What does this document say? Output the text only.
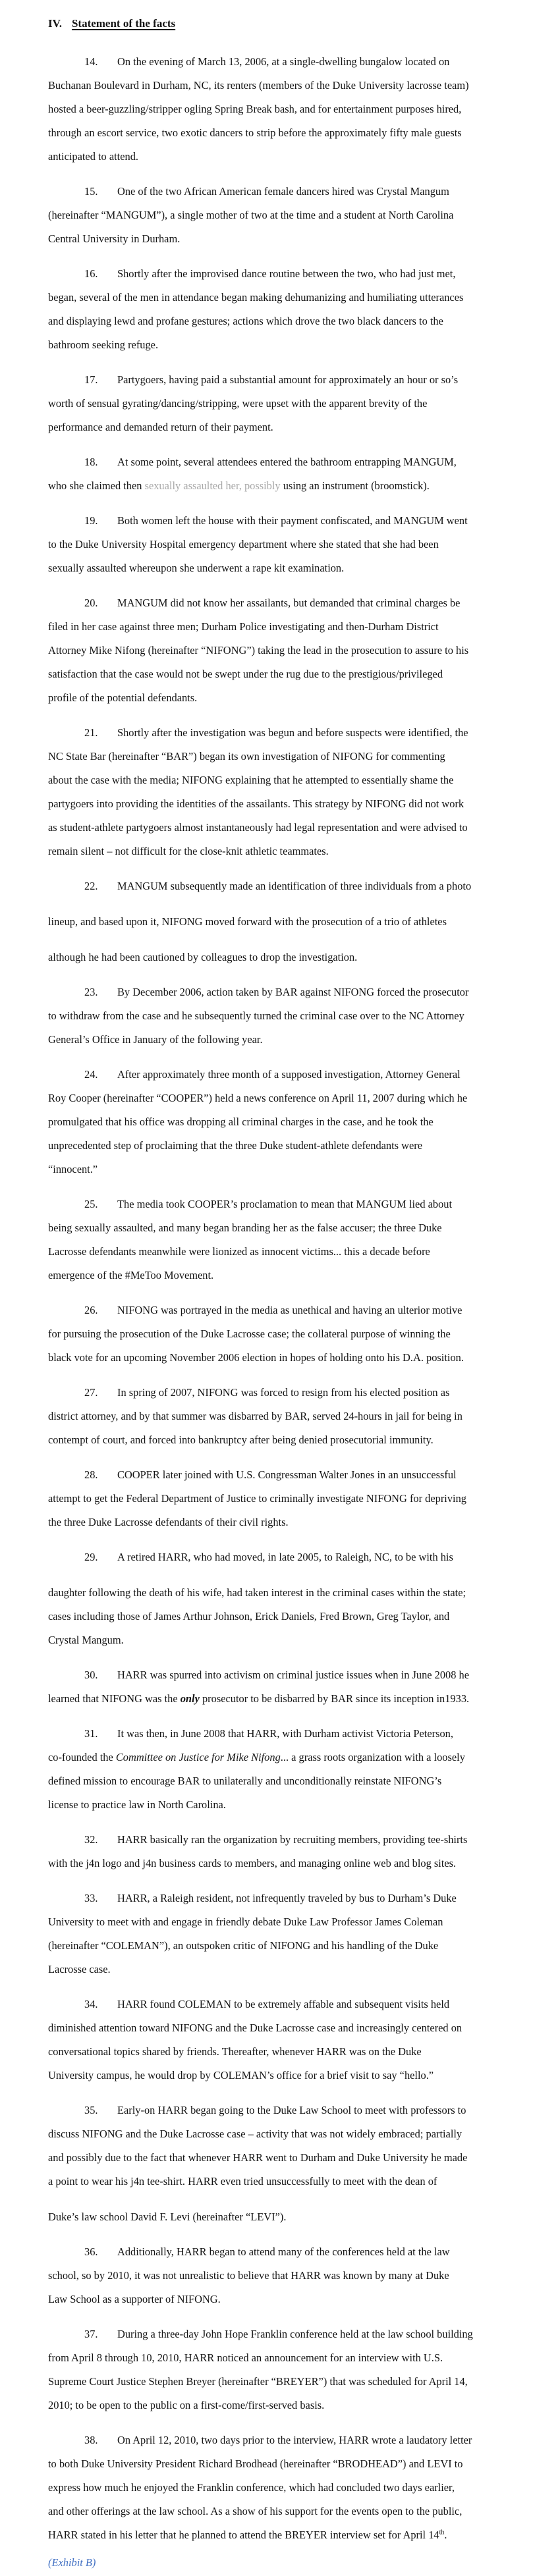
IV. Statement of the facts
14. On the evening of March 13, 2006, at a single-dwelling bungalow located on
Buchanan Boulevard in Durham, NC, its renters (members of the Duke University lacrosse team)
hosted a beer-guzzling/stripper ogling Spring Break bash, and for entertainment purposes hired,
through an escort service, two exotic dancers to strip before the approximately fifty male guests
anticipated to attend.
15. One of the two African American female dancers hired was Crystal Mangum
(hereinafter “MANGUM”), a single mother of two at the time and a student at North Carolina
Central University in Durham.
16. Shortly after the improvised dance routine between the two, who had just met,
began, several of the men in attendance began making dehumanizing and humiliating utterances
and displaying lewd and profane gestures; actions which drove the two black dancers to the
bathroom seeking refuge.
17. Partygoers, having paid a substantial amount for approximately an hour or so’s
worth of sensual gyrating/dancing/stripping, were upset with the apparent brevity of the
performance and demanded return of their payment.
18. At some point, several attendees entered the bathroom entrapping MANGUM,
who she claimed then sexually assaulted her, possibly using an instrument (broomstick).
19. Both women left the house with their payment confiscated, and MANGUM went
to the Duke University Hospital emergency department where she stated that she had been
sexually assaulted whereupon she underwent a rape kit examination.
20. MANGUM did not know her assailants, but demanded that criminal charges be
filed in her case against three men; Durham Police investigating and then-Durham District
Attorney Mike Nifong (hereinafter “NIFONG”) taking the lead in the prosecution to assure to his
satisfaction that the case would not be swept under the rug due to the prestigious/privileged
profile of the potential defendants.
21. Shortly after the investigation was begun and before suspects were identified, the
NC State Bar (hereinafter “BAR”) began its own investigation of NIFONG for commenting
about the case with the media; NIFONG explaining that he attempted to essentially shame the
partygoers into providing the identities of the assailants. This strategy by NIFONG did not work
as student-athlete partygoers almost instantaneously had legal representation and were advised to
remain silent – not difficult for the close-knit athletic teammates.
22. MANGUM subsequently made an identification of three individuals from a photo
lineup, and based upon it, NIFONG moved forward with the prosecution of a trio of athletes
although he had been cautioned by colleagues to drop the investigation.
23. By December 2006, action taken by BAR against NIFONG forced the prosecutor
to withdraw from the case and he subsequently turned the criminal case over to the NC Attorney
General’s Office in January of the following year.
24. After approximately three month of a supposed investigation, Attorney General
Roy Cooper (hereinafter “COOPER”) held a news conference on April 11, 2007 during which he
promulgated that his office was dropping all criminal charges in the case, and he took the
unprecedented step of proclaiming that the three Duke student-athlete defendants were
“innocent.”
25. The media took COOPER’s proclamation to mean that MANGUM lied about
being sexually assaulted, and many began branding her as the false accuser; the three Duke
Lacrosse defendants meanwhile were lionized as innocent victims... this a decade before
emergence of the #MeToo Movement.
26. NIFONG was portrayed in the media as unethical and having an ulterior motive
for pursuing the prosecution of the Duke Lacrosse case; the collateral purpose of winning the
black vote for an upcoming November 2006 election in hopes of holding onto his D.A. position.
27. In spring of 2007, NIFONG was forced to resign from his elected position as
district attorney, and by that summer was disbarred by BAR, served 24-hours in jail for being in
contempt of court, and forced into bankruptcy after being denied prosecutorial immunity.
28. COOPER later joined with U.S. Congressman Walter Jones in an unsuccessful
attempt to get the Federal Department of Justice to criminally investigate NIFONG for depriving
the three Duke Lacrosse defendants of their civil rights.
29. A retired HARR, who had moved, in late 2005, to Raleigh, NC, to be with his
daughter following the death of his wife, had taken interest in the criminal cases within the state;
cases including those of James Arthur Johnson, Erick Daniels, Fred Brown, Greg Taylor, and
Crystal Mangum.
30. HARR was spurred into activism on criminal justice issues when in June 2008 he
learned that NIFONG was the only prosecutor to be disbarred by BAR since its inception in1933.
31. It was then, in June 2008 that HARR, with Durham activist Victoria Peterson,
co-founded the Committee on Justice for Mike Nifong... a grass roots organization with a loosely
defined mission to encourage BAR to unilaterally and unconditionally reinstate NIFONG’s
license to practice law in North Carolina.
32. HARR basically ran the organization by recruiting members, providing tee-shirts
with the j4n logo and j4n business cards to members, and managing online web and blog sites.
33. HARR, a Raleigh resident, not infrequently traveled by bus to Durham’s Duke
University to meet with and engage in friendly debate Duke Law Professor James Coleman
(hereinafter “COLEMAN”), an outspoken critic of NIFONG and his handling of the Duke
Lacrosse case.
34. HARR found COLEMAN to be extremely affable and subsequent visits held
diminished attention toward NIFONG and the Duke Lacrosse case and increasingly centered on
conversational topics shared by friends. Thereafter, whenever HARR was on the Duke
University campus, he would drop by COLEMAN’s office for a brief visit to say “hello.”
35. Early-on HARR began going to the Duke Law School to meet with professors to
discuss NIFONG and the Duke Lacrosse case – activity that was not widely embraced; partially
and possibly due to the fact that whenever HARR went to Durham and Duke University he made
a point to wear his j4n tee-shirt. HARR even tried unsuccessfully to meet with the dean of
Duke’s law school David F. Levi (hereinafter “LEVI”).
36. Additionally, HARR began to attend many of the conferences held at the law
school, so by 2010, it was not unrealistic to believe that HARR was known by many at Duke
Law School as a supporter of NIFONG.
37. During a three-day John Hope Franklin conference held at the law school building
from April 8 through 10, 2010, HARR noticed an announcement for an interview with U.S.
Supreme Court Justice Stephen Breyer (hereinafter “BREYER”) that was scheduled for April 14,
2010; to be open to the public on a first-come/first-served basis.
38. On April 12, 2010, two days prior to the interview, HARR wrote a laudatory letter
to both Duke University President Richard Brodhead (hereinafter “BRODHEAD”) and LEVI to
express how much he enjoyed the Franklin conference, which had concluded two days earlier,
and other offerings at the law school. As a show of his support for the events open to the public,
HARR stated in his letter that he planned to attend the BREYER interview set for April 14th.
(Exhibit B)
